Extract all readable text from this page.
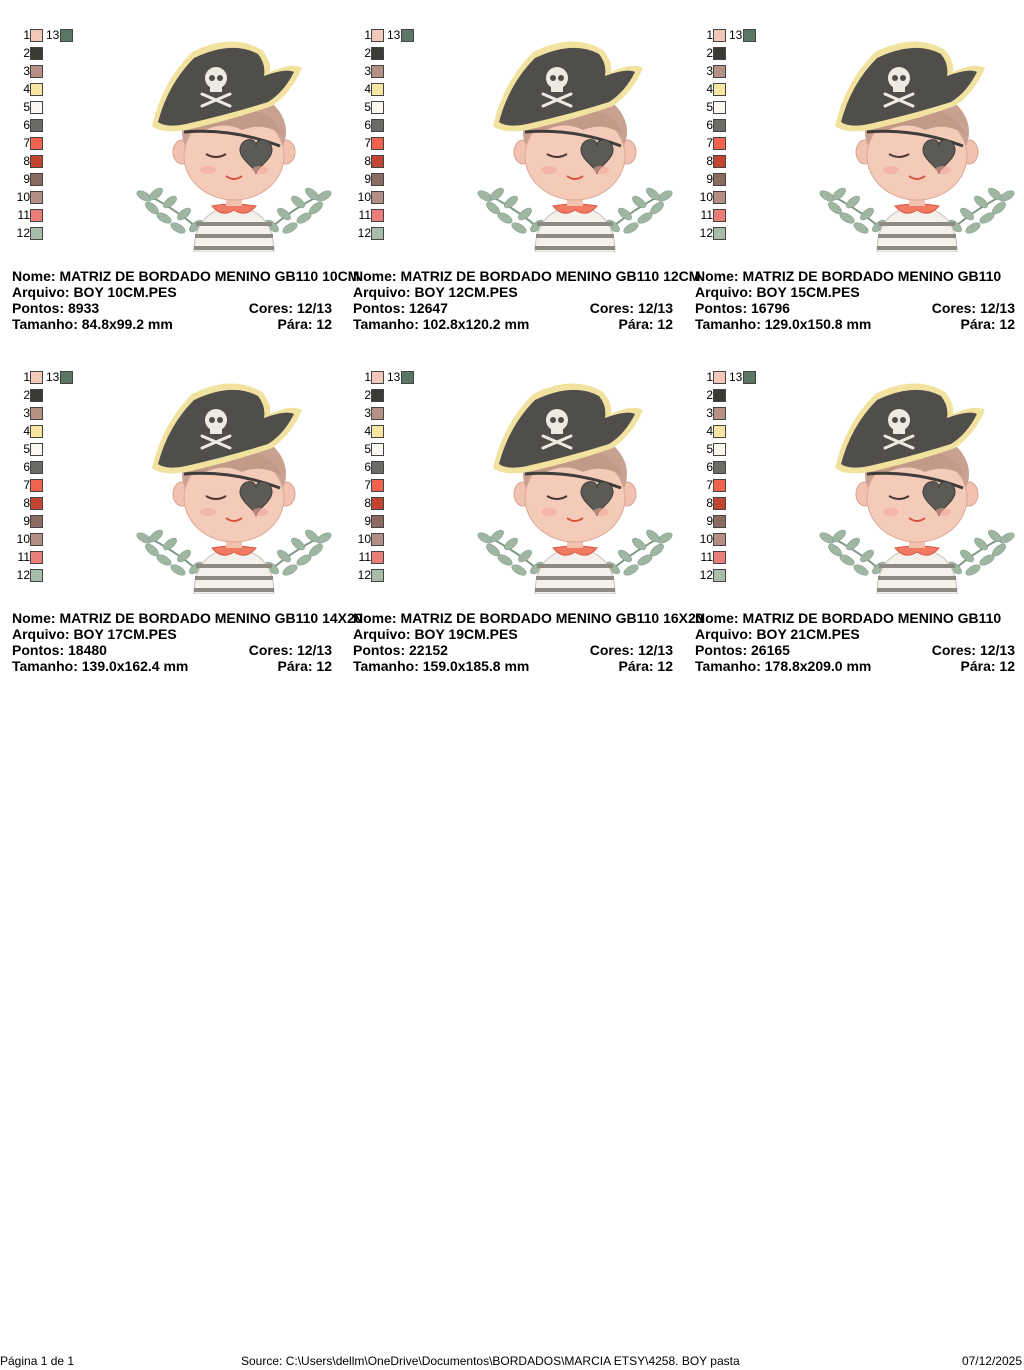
1
2
3
4
5
6
7
8
9
10
11
12
13
Nome: MATRIZ DE BORDADO MENINO GB110 10CM
Arquivo: BOY 10CM.PES
Pontos: 8933	Cores: 12/13
Tamanho: 84.8x99.2 mm	Pára: 12
1
2
3
4
5
6
7
8
9
10
11
12
13
Nome: MATRIZ DE BORDADO MENINO GB110 12CM
Arquivo: BOY 12CM.PES
Pontos: 12647	Cores: 12/13
Tamanho: 102.8x120.2 mm	Pára: 12
1
2
3
4
5
6
7
8
9
10
11
12
13
Nome: MATRIZ DE BORDADO MENINO GB110
Arquivo: BOY 15CM.PES
Pontos: 16796	Cores: 12/13
Tamanho: 129.0x150.8 mm	Pára: 12
1
2
3
4
5
6
7
8
9
10
11
12
13
Nome: MATRIZ DE BORDADO MENINO GB110 14X20
Arquivo: BOY 17CM.PES
Pontos: 18480	Cores: 12/13
Tamanho: 139.0x162.4 mm	Pára: 12
1
2
3
4
5
6
7
8
9
10
11
12
13
Nome: MATRIZ DE BORDADO MENINO GB110 16X20
Arquivo: BOY 19CM.PES
Pontos: 22152	Cores: 12/13
Tamanho: 159.0x185.8 mm	Pára: 12
1
2
3
4
5
6
7
8
9
10
11
12
13
Nome: MATRIZ DE BORDADO MENINO GB110
Arquivo: BOY 21CM.PES
Pontos: 26165	Cores: 12/13
Tamanho: 178.8x209.0 mm	Pára: 12
Página 1 de 1	Source: C:\Users\dellm\OneDrive\Documentos\BORDADOS\MARCIA ETSY\4258. BOY pasta	07/12/2025
